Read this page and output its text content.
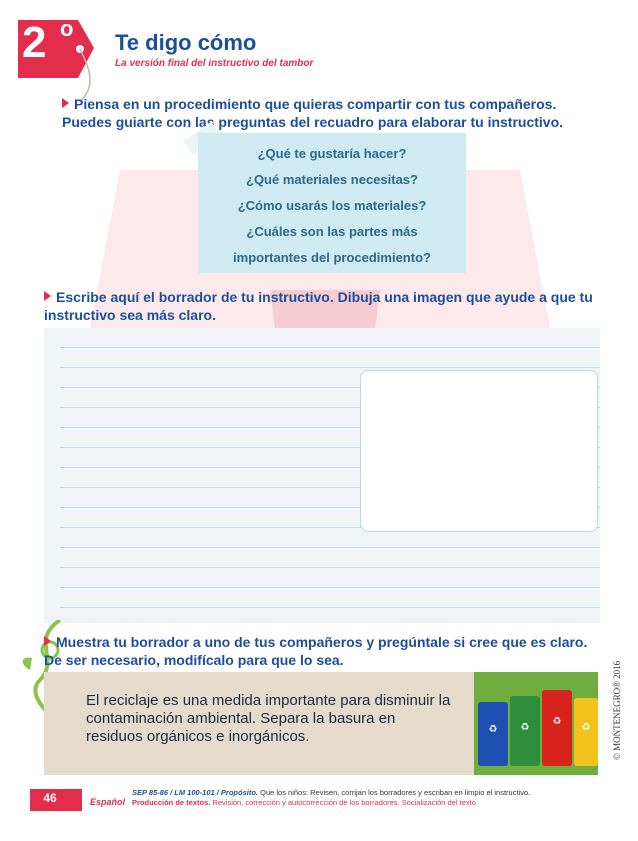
2 o
Te digo cómo
La versión final del instructivo del tambor
Piensa en un procedimiento que quieras compartir con tus compañeros. Puedes guiarte con las preguntas del recuadro para elaborar tu instructivo.
¿Qué te gustaría hacer?
¿Qué materiales necesitas?
¿Cómo usarás los materiales?
¿Cuáles son las partes más
importantes del procedimiento?
Escribe aquí el borrador de tu instructivo. Dibuja una imagen que ayude a que tu instructivo sea más claro.
Muestra tu borrador a uno de tus compañeros y pregúntale si cree que es claro. De ser necesario, modifícalo para que lo sea.
El reciclaje es una medida importante para disminuir la contaminación ambiental. Separa la basura en residuos orgánicos e inorgánicos.	♻ ♻
♻
♻ © MONTENEGRO® 2016
46	Español
SEP 85-86 / LM 100-101 / Propósito. Que los niños: Revisen, corrijan los borradores y escriban en limpio el instructivo.
Producción de textos. Revisión, corrección y autocorrección de los borradores. Socialización del texto.
